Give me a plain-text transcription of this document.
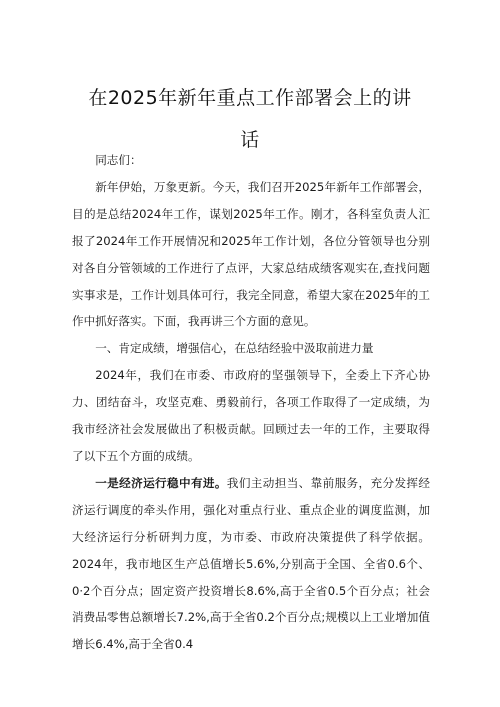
在2025年新年重点工作部署会上的讲
话

同志们：

新年伊始，万象更新。今天，我们召开2025年新年工作部署会，目的是总结2024年工作，谋划2025年工作。刚才，各科室负责人汇报了2024年工作开展情况和2025年工作计划，各位分管领导也分别对各自分管领域的工作进行了点评，大家总结成绩客观实在,查找问题实事求是，工作计划具体可行，我完全同意，希望大家在2025年的工作中抓好落实。下面，我再讲三个方面的意见。

一、肯定成绩，增强信心，在总结经验中汲取前进力量

2024年，我们在市委、市政府的坚强领导下，全委上下齐心协力、团结奋斗，攻坚克难、勇毅前行，各项工作取得了一定成绩，为我市经济社会发展做出了积极贡献。回顾过去一年的工作，主要取得了以下五个方面的成绩。

一是经济运行稳中有进。我们主动担当、靠前服务，充分发挥经济运行调度的牵头作用，强化对重点行业、重点企业的调度监测，加大经济运行分析研判力度，为市委、市政府决策提供了科学依据。2024年，我市地区生产总值增长5.6%,分别高于全国、全省0.6个、0·2个百分点；固定资产投资增长8.6%,高于全省0.5个百分点；社会消费品零售总额增长7.2%,高于全省0.2个百分点;规模以上工业增加值增长6.4%,高于全省0.4
